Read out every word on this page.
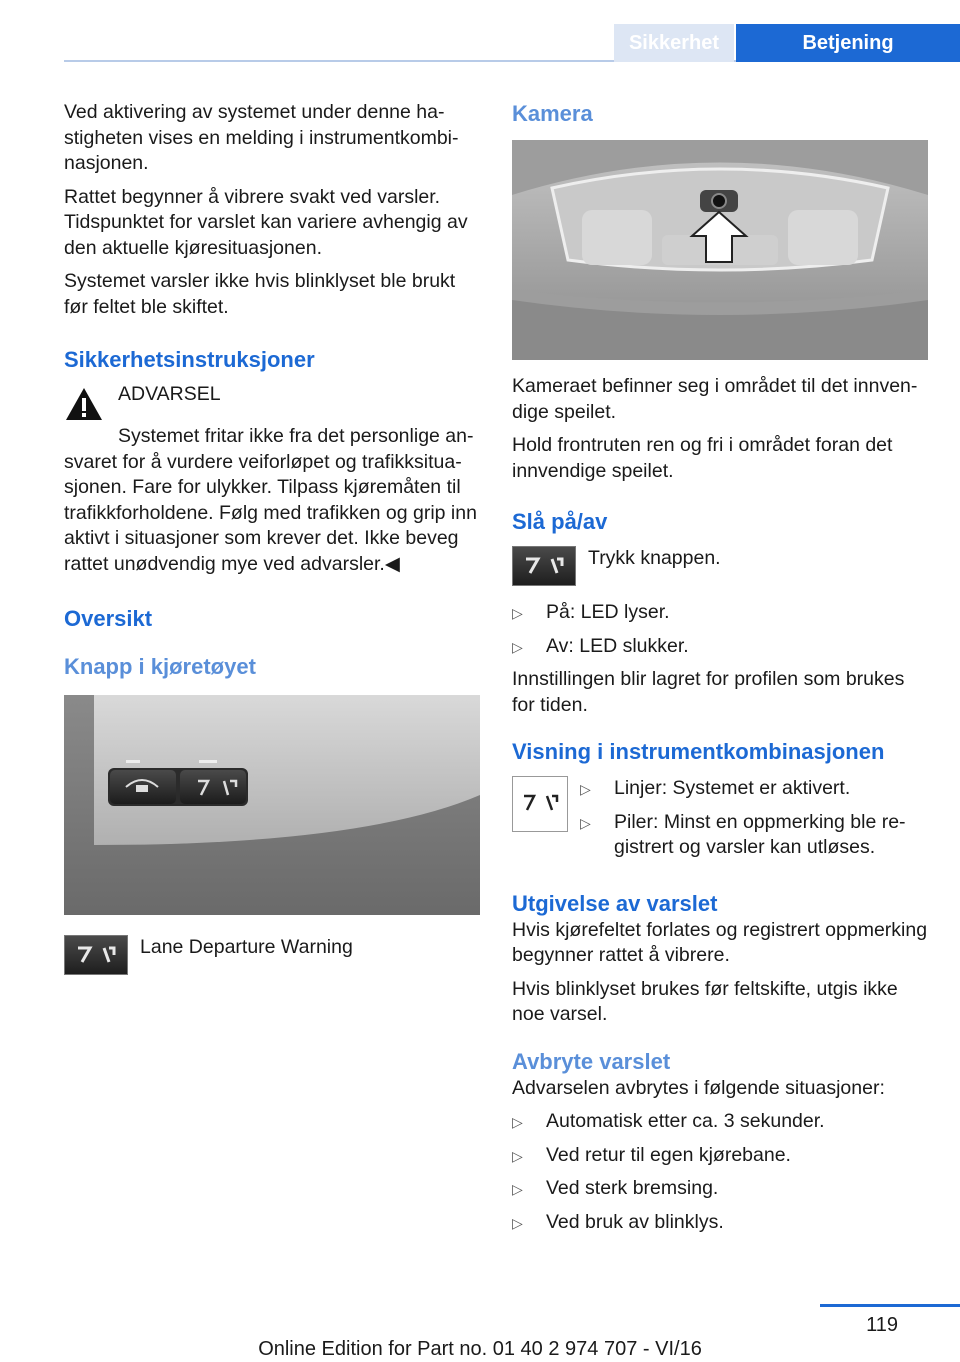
Sikkerhet	Betjening

Ved aktivering av systemet under denne hastigheten vises en melding i instrumentkombinasjonen.

Rattet begynner å vibrere svakt ved varsler. Tidspunktet for varslet kan variere avhengig av den aktuelle kjøresituasjonen.

Systemet varsler ikke hvis blinklyset ble brukt før feltet ble skiftet.

Sikkerhetsinstruksjoner
ADVARSEL
Systemet fritar ikke fra det personlige ansvaret for å vurdere veiforløpet og trafikksituasjonen. Fare for ulykker. Tilpass kjøremåten til trafikkforholdene. Følg med trafikken og grip inn aktivt i situasjoner som krever det. Ikke beveg rattet unødvendig mye ved advarsler.◀
Oversikt
Knapp i kjøretøyet
Lane Departure Warning
Kamera

Kameraet befinner seg i området til det innvendige speilet.

Hold frontruten ren og fri i området foran det innvendige speilet.

Slå på/av
Trykk knappen.
▷	På: LED lyser.
▷	Av: LED slukker.

Innstillingen blir lagret for profilen som brukes for tiden.

Visning i instrumentkombinasjonen
▷	Linjer: Systemet er aktivert.
▷	Piler: Minst en oppmerking ble registrert og varsler kan utløses.
Utgivelse av varslet

Hvis kjørefeltet forlates og registrert oppmerking begynner rattet å vibrere.

Hvis blinklyset brukes før feltskifte, utgis ikke noe varsel.

Avbryte varslet

Advarselen avbrytes i følgende situasjoner:

▷	Automatisk etter ca. 3 sekunder.
▷	Ved retur til egen kjørebane.
▷	Ved sterk bremsing.
▷	Ved bruk av blinklys.
119
Online Edition for Part no. 01 40 2 974 707 - VI/16
